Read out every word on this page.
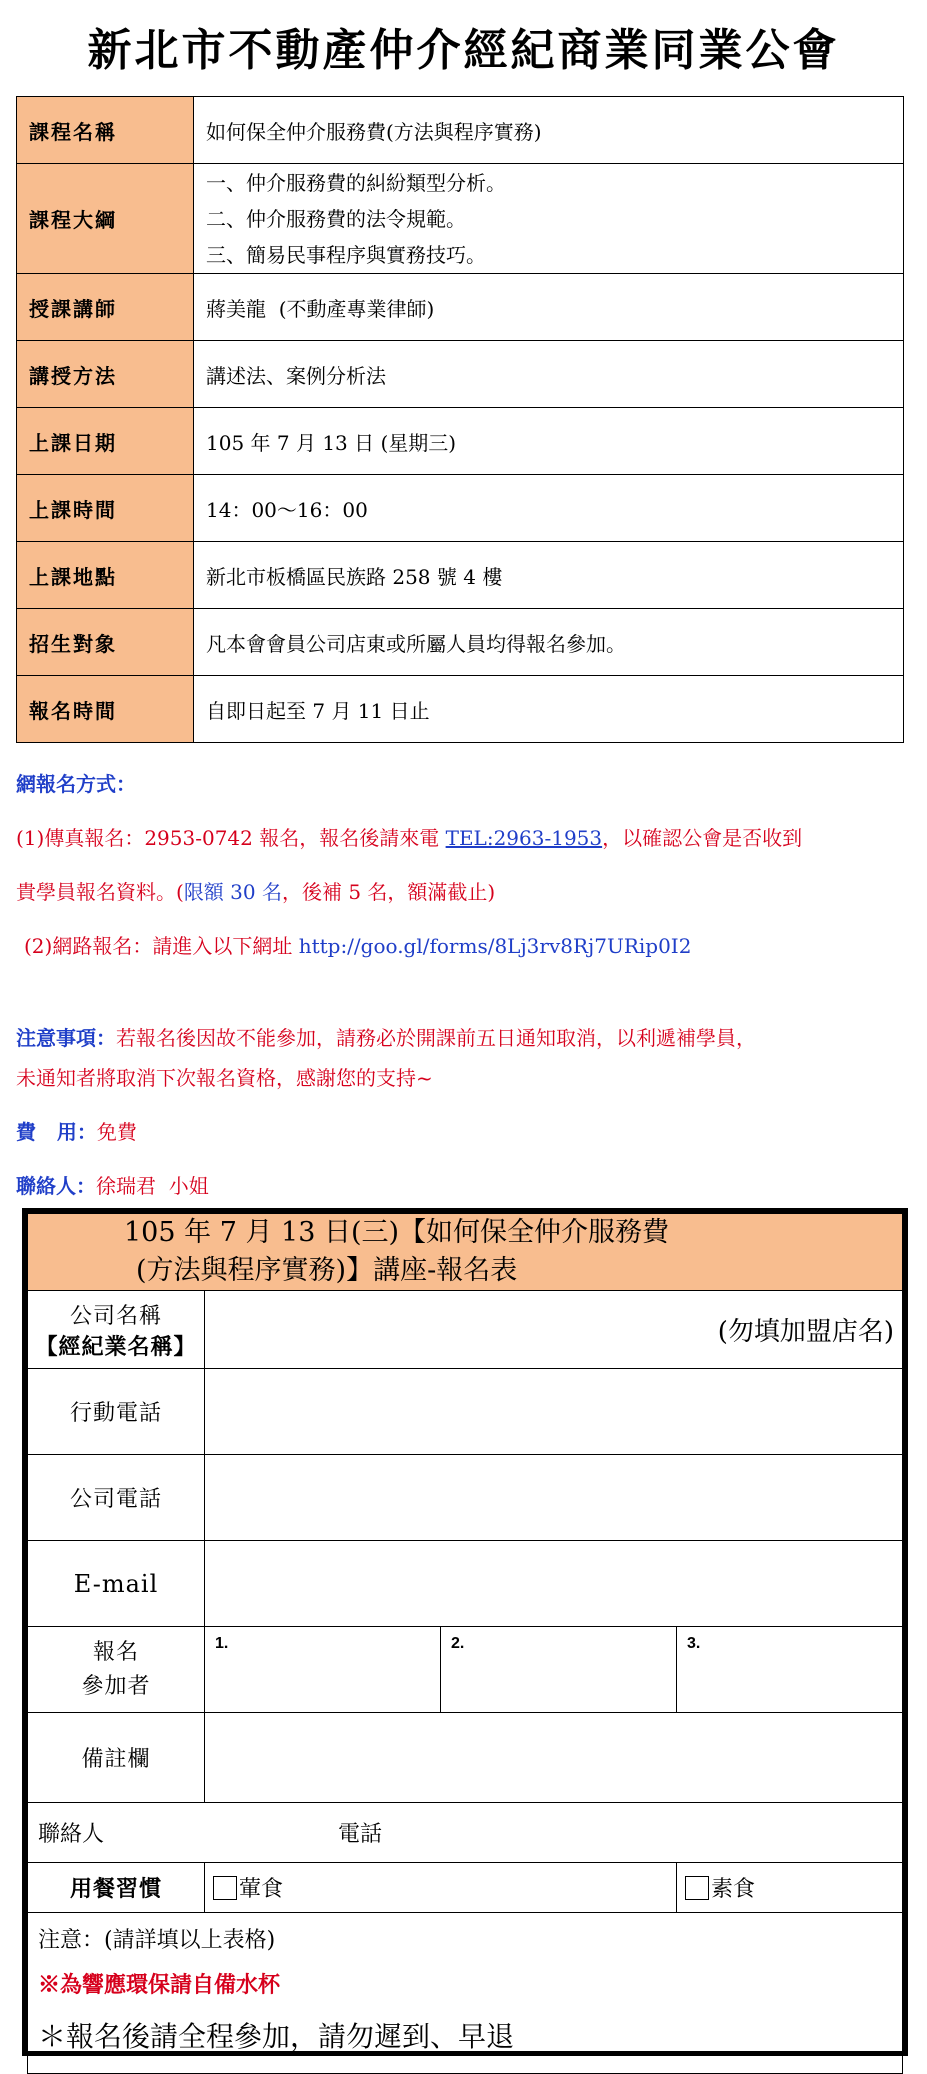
新北市不動產仲介經紀商業同業公會
課程名稱	如何保全仲介服務費(方法與程序實務)
課程大綱	一、仲介服務費的糾紛類型分析。
二、仲介服務費的法令規範。
三、簡易民事程序與實務技巧。

授課講師	蔣美龍  (不動產專業律師)
講授方法	講述法、案例分析法
上課日期	105 年 7 月 13 日 (星期三)
上課時間	14：00～16：00
上課地點	新北市板橋區民族路 258 號 4 樓
招生對象	凡本會會員公司店東或所屬人員均得報名參加。
報名時間	自即日起至 7 月 11 日止
網報名方式：
(1)傳真報名：2953-0742 報名，報名後請來電 TEL:2963-1953，以確認公會是否收到
貴學員報名資料。(限額 30 名，後補 5 名，額滿截止)
(2)網路報名：請進入以下網址 http://goo.gl/forms/8Lj3rv8Rj7URip0I2
注意事項：若報名後因故不能參加，請務必於開課前五日通知取消，以利遞補學員，
未通知者將取消下次報名資格，感謝您的支持~
費   用：免費
聯絡人：徐瑞君  小姐
105 年 7 月 13 日(三)【如何保全仲介服務費
(方法與程序實務)】講座-報名表			

公司名稱
【經紀業名稱】	(勿填加盟店名)		
行動電話			
公司電話			
E-mail			

報名
參加者	1.	2.	3.
備註欄			
聯絡人 電話			
用餐習慣	葷食		素食

注意：(請詳填以上表格)
※為響應環保請自備水杯
＊報名後請全程參加，請勿遲到、早退			
